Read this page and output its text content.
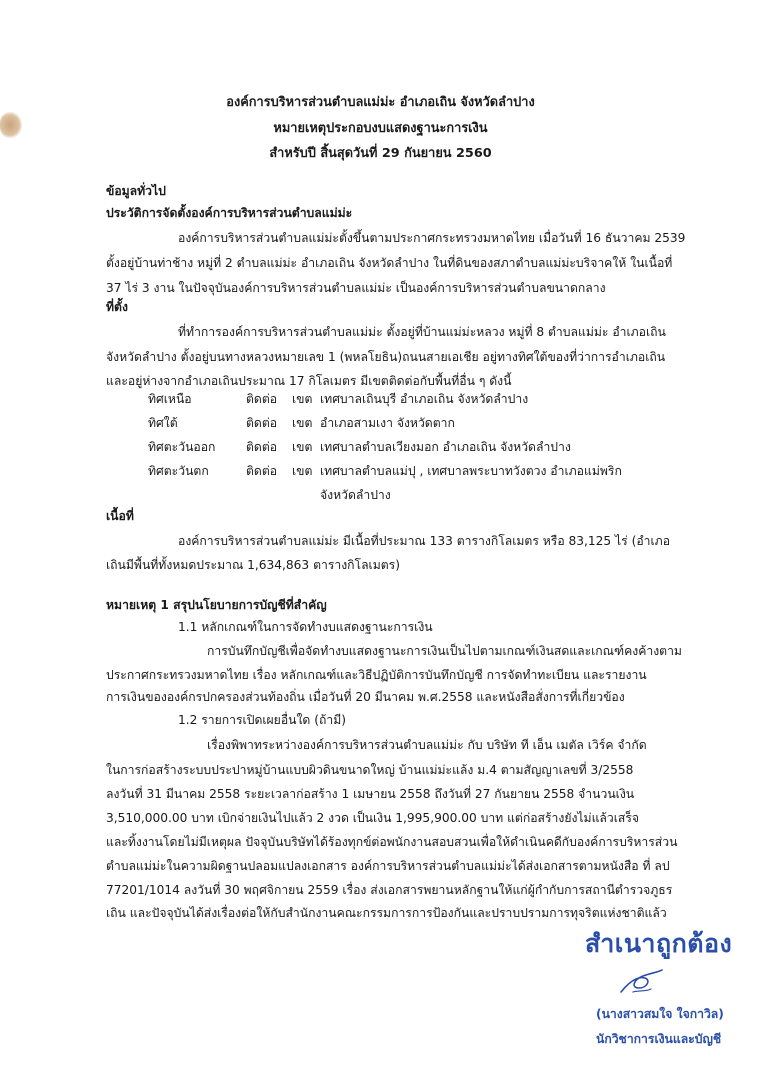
องค์การบริหารส่วนตำบลแม่ม่ะ อำเภอเถิน จังหวัดลำปาง
หมายเหตุประกอบงบแสดงฐานะการเงิน
สำหรับปี สิ้นสุดวันที่ 29 กันยายน 2560
ข้อมูลทั่วไป
ประวัติการจัดตั้งองค์การบริหารส่วนตำบลแม่ม่ะ
องค์การบริหารส่วนตำบลแม่ม่ะตั้งขึ้นตามประกาศกระทรวงมหาดไทย เมื่อวันที่ 16 ธันวาคม 2539
ตั้งอยู่บ้านท่าช้าง หมู่ที่ 2 ตำบลแม่ม่ะ อำเภอเถิน จังหวัดลำปาง ในที่ดินของสภาตำบลแม่ม่ะบริจาคให้ ในเนื้อที่
37 ไร่ 3 งาน ในปัจจุบันองค์การบริหารส่วนตำบลแม่ม่ะ เป็นองค์การบริหารส่วนตำบลขนาดกลาง
ที่ตั้ง
ที่ทำการองค์การบริหารส่วนตำบลแม่ม่ะ ตั้งอยู่ที่บ้านแม่ม่ะหลวง หมู่ที่ 8 ตำบลแม่ม่ะ อำเภอเถิน
จังหวัดลำปาง ตั้งอยู่บนทางหลวงหมายเลข 1 (พหลโยธิน)ถนนสายเอเชีย อยู่ทางทิศใต้ของที่ว่าการอำเภอเถิน
และอยู่ห่างจากอำเภอเถินประมาณ 17 กิโลเมตร มีเขตติดต่อกับพื้นที่อื่น ๆ ดังนี้
ทิศเหนือ	ติดต่อ เขต เทศบาลเถินบุรี อำเภอเถิน จังหวัดลำปาง
ทิศใต้	ติดต่อ เขต อำเภอสามเงา จังหวัดตาก
ทิศตะวันออก	ติดต่อ เขต เทศบาลตำบลเวียงมอก อำเภอเถิน จังหวัดลำปาง
ทิศตะวันตก	ติดต่อ เขต เทศบาลตำบลแม่ปุ , เทศบาลพระบาทวังตวง อำเภอแม่พริก
จังหวัดลำปาง
เนื้อที่
องค์การบริหารส่วนตำบลแม่ม่ะ มีเนื้อที่ประมาณ 133 ตารางกิโลเมตร หรือ 83,125 ไร่ (อำเภอ
เถินมีพื้นที่ทั้งหมดประมาณ 1,634,863 ตารางกิโลเมตร)
หมายเหตุ 1 สรุปนโยบายการบัญชีที่สำคัญ
1.1 หลักเกณฑ์ในการจัดทำงบแสดงฐานะการเงิน
การบันทึกบัญชีเพื่อจัดทำงบแสดงฐานะการเงินเป็นไปตามเกณฑ์เงินสดและเกณฑ์คงค้างตาม
ประกาศกระทรวงมหาดไทย เรื่อง หลักเกณฑ์และวิธีปฏิบัติการบันทึกบัญชี การจัดทำทะเบียน และรายงาน
การเงินขององค์กรปกครองส่วนท้องถิ่น เมื่อวันที่ 20 มีนาคม พ.ศ.2558 และหนังสือสั่งการที่เกี่ยวข้อง
1.2 รายการเปิดเผยอื่นใด (ถ้ามี)
เรื่องพิพาทระหว่างองค์การบริหารส่วนตำบลแม่ม่ะ กับ บริษัท ที เอ็น เมตัล เวิร์ค จำกัด
ในการก่อสร้างระบบประปาหมู่บ้านแบบผิวดินขนาดใหญ่ บ้านแม่ม่ะแล้ง ม.4 ตามสัญญาเลขที่ 3/2558
ลงวันที่ 31 มีนาคม 2558 ระยะเวลาก่อสร้าง 1 เมษายน 2558 ถึงวันที่ 27 กันยายน 2558 จำนวนเงิน
3,510,000.00 บาท เบิกจ่ายเงินไปแล้ว 2 งวด เป็นเงิน 1,995,900.00 บาท แต่ก่อสร้างยังไม่แล้วเสร็จ
และทิ้งงานโดยไม่มีเหตุผล ปัจจุบันบริษัทได้ร้องทุกข์ต่อพนักงานสอบสวนเพื่อให้ดำเนินคดีกับองค์การบริหารส่วน
ตำบลแม่ม่ะในความผิดฐานปลอมแปลงเอกสาร องค์การบริหารส่วนตำบลแม่ม่ะได้ส่งเอกสารตามหนังสือ ที่ ลป
77201/1014 ลงวันที่ 30 พฤศจิกายน 2559 เรื่อง ส่งเอกสารพยานหลักฐานให้แก่ผู้กำกับการสถานีตำรวจภูธร
เถิน และปัจจุบันได้ส่งเรื่องต่อให้กับสำนักงานคณะกรรมการการป้องกันและปราบปรามการทุจริตแห่งชาติแล้ว
สำเนาถูกต้อง
(นางสาวสมใจ ใจกาวิล)
นักวิชาการเงินและบัญชี
